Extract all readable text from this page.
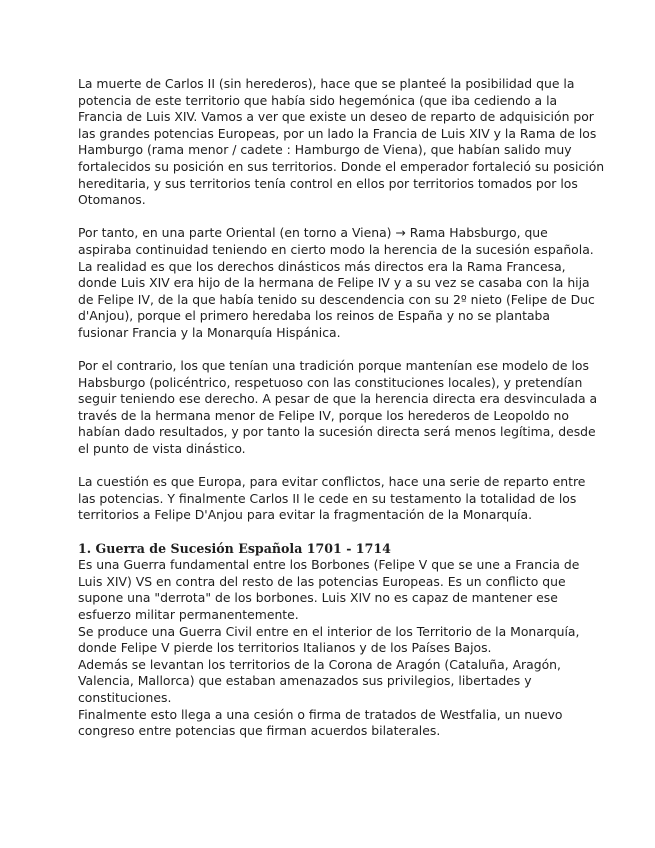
La muerte de Carlos II (sin herederos), hace que se planteé la posibilidad que la
potencia de este territorio que había sido hegemónica (que iba cediendo a la
Francia de Luis XIV. Vamos a ver que existe un deseo de reparto de adquisición por
las grandes potencias Europeas, por un lado la Francia de Luis XIV y la Rama de los
Hamburgo (rama menor / cadete : Hamburgo de Viena), que habían salido muy
fortalecidos su posición en sus territorios. Donde el emperador fortaleció su posición
hereditaria, y sus territorios tenía control en ellos por territorios tomados por los
Otomanos.

Por tanto, en una parte Oriental (en torno a Viena) → Rama Habsburgo, que
aspiraba continuidad teniendo en cierto modo la herencia de la sucesión española.
La realidad es que los derechos dinásticos más directos era la Rama Francesa,
donde Luis XIV era hijo de la hermana de Felipe IV y a su vez se casaba con la hija
de Felipe IV, de la que había tenido su descendencia con su 2º nieto (Felipe de Duc
d'Anjou), porque el primero heredaba los reinos de España y no se plantaba
fusionar Francia y la Monarquía Hispánica.

Por el contrario, los que tenían una tradición porque mantenían ese modelo de los
Habsburgo (policéntrico, respetuoso con las constituciones locales), y pretendían
seguir teniendo ese derecho. A pesar de que la herencia directa era desvinculada a
través de la hermana menor de Felipe IV, porque los herederos de Leopoldo no
habían dado resultados, y por tanto la sucesión directa será menos legítima, desde
el punto de vista dinástico.

La cuestión es que Europa, para evitar conflictos, hace una serie de reparto entre
las potencias. Y finalmente Carlos II le cede en su testamento la totalidad de los
territorios a Felipe D'Anjou para evitar la fragmentación de la Monarquía.

1. Guerra de Sucesión Española 1701 - 1714

Es una Guerra fundamental entre los Borbones (Felipe V que se une a Francia de
Luis XIV) VS en contra del resto de las potencias Europeas. Es un conflicto que
supone una "derrota" de los borbones. Luis XIV no es capaz de mantener ese
esfuerzo militar permanentemente.
Se produce una Guerra Civil entre en el interior de los Territorio de la Monarquía,
donde Felipe V pierde los territorios Italianos y de los Países Bajos.
Además se levantan los territorios de la Corona de Aragón (Cataluña, Aragón,
Valencia, Mallorca) que estaban amenazados sus privilegios, libertades y
constituciones.
Finalmente esto llega a una cesión o firma de tratados de Westfalia, un nuevo
congreso entre potencias que firman acuerdos bilaterales.
